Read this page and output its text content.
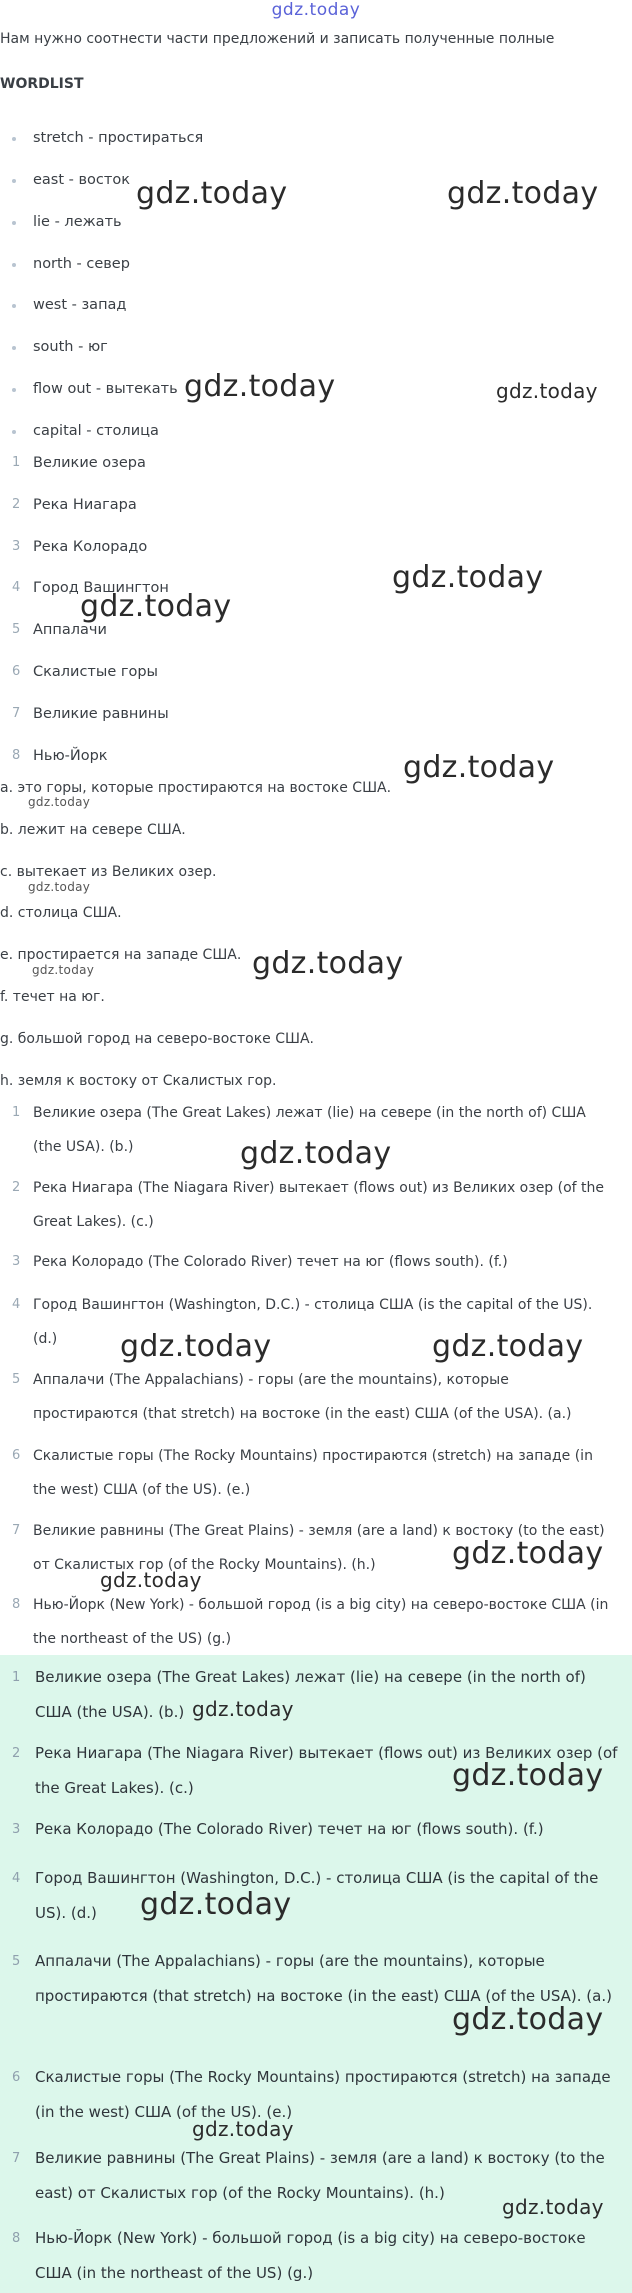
gdz.today
Нам нужно соотнести части предложений и записать полученные полные
WORDLIST
stretch - простираться
east - восток
lie - лежать
north - север
west - запад
south - юг
flow out - вытекать
capital - столица
1 Великие озера
2 Река Ниагара
3 Река Колорадо
4 Город Вашингтон
5 Аппалачи
6 Скалистые горы
7 Великие равнины
8 Нью-Йорк
a. это горы, которые простираются на востоке США.
b. лежит на севере США.
c. вытекает из Великих озер.
d. столица США.
e. простирается на западе США.
f. течет на юг.
g. большой город на северо-востоке США.
h. земля к востоку от Скалистых гор.
1 Великие озера (The Great Lakes) лежат (lie) на севере (in the north of) США (the USA). (b.)
2 Река Ниагара (The Niagara River) вытекает (flows out) из Великих озер (of the Great Lakes). (c.)
3 Река Колорадо (The Colorado River) течет на юг (flows south). (f.)
4 Город Вашингтон (Washington, D.C.) - столица США (is the capital of the US). (d.)
5 Аппалачи (The Appalachians) - горы (are the mountains), которые простираются (that stretch) на востоке (in the east) США (of the USA). (a.)
6 Скалистые горы (The Rocky Mountains) простираются (stretch) на западе (in the west) США (of the US). (e.)
7 Великие равнины (The Great Plains) - земля (are a land) к востоку (to the east) от Скалистых гор (of the Rocky Mountains). (h.)
8 Нью-Йорк (New York) - большой город (is a big city) на северо-востоке США (in the northeast of the US) (g.)
1 Великие озера (The Great Lakes) лежат (lie) на севере (in the north of) США (the USA). (b.)
2 Река Ниагара (The Niagara River) вытекает (flows out) из Великих озер (of the Great Lakes). (c.)
3 Река Колорадо (The Colorado River) течет на юг (flows south). (f.)
4 Город Вашингтон (Washington, D.C.) - столица США (is the capital of the US). (d.)
5 Аппалачи (The Appalachians) - горы (are the mountains), которые простираются (that stretch) на востоке (in the east) США (of the USA). (a.)
6 Скалистые горы (The Rocky Mountains) простираются (stretch) на западе (in the west) США (of the US). (e.)
7 Великие равнины (The Great Plains) - земля (are a land) к востоку (to the east) от Скалистых гор (of the Rocky Mountains). (h.)
8 Нью-Йорк (New York) - большой город (is a big city) на северо-востоке США (in the northeast of the US) (g.)
gdz.today	gdz.today
gdz.today	gdz.today
gdz.today
gdz.today
gdz.today
gdz.today
gdz.today
gdz.today
gdz.today
gdz.today
gdz.today	gdz.today
gdz.today
gdz.today
gdz.today
gdz.today
gdz.today
gdz.today
gdz.today
gdz.today
